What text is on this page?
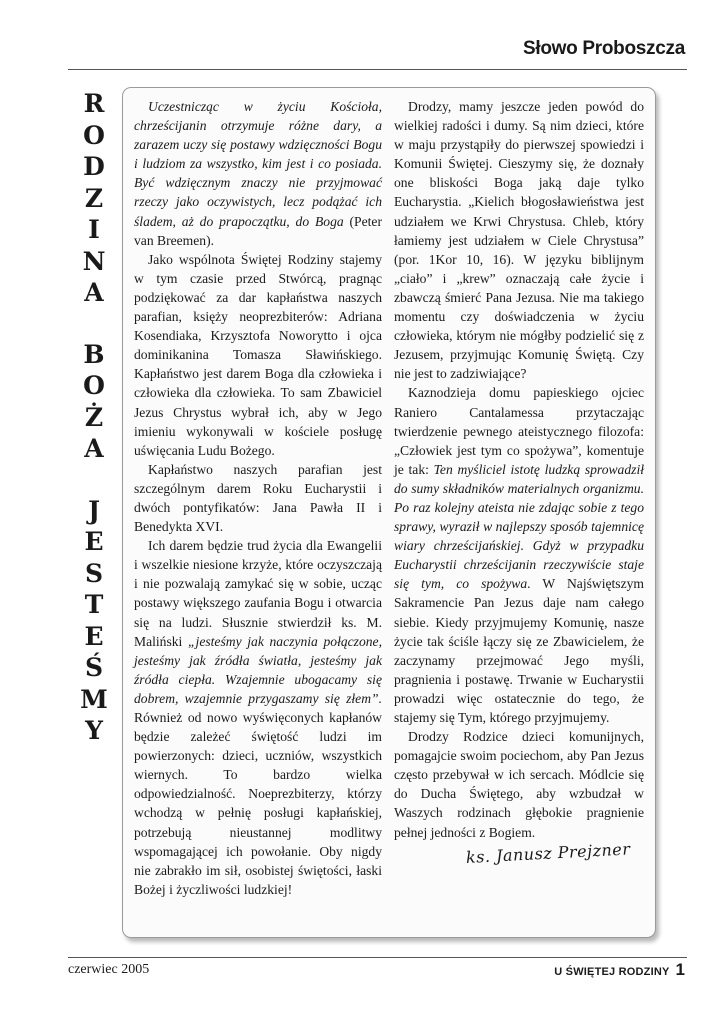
Słowo Proboszcza
R
O
D
Z
I
N
A
B
O
Ż
A
J
E
S
T
E
Ś
M
Y

Uczestnicząc w życiu Kościoła, chrześcijanin otrzymuje różne dary, a zarazem uczy się postawy wdzięczności Bogu i ludziom za wszystko, kim jest i co posiada. Być wdzięcznym znaczy nie przyjmować rzeczy jako oczywistych, lecz podążać ich śladem, aż do prapoczątku, do Boga (Peter van Breemen).

Jako wspólnota Świętej Rodziny stajemy w tym czasie przed Stwórcą, pragnąc podziękować za dar kapłaństwa naszych parafian, księży neoprezbiterów: Adriana Kosendiaka, Krzysztofa Noworytto i ojca dominikanina Tomasza Sławińskiego. Kapłaństwo jest darem Boga dla człowieka i człowieka dla człowieka. To sam Zbawiciel Jezus Chrystus wybrał ich, aby w Jego imieniu wykonywali w kościele posługę uświęcania Ludu Bożego.

Kapłaństwo naszych parafian jest szczególnym darem Roku Eucharystii i dwóch pontyfikatów: Jana Pawła II i Benedykta XVI.

Ich darem będzie trud życia dla Ewangelii i wszelkie niesione krzyże, które oczyszczają i nie pozwalają zamykać się w sobie, ucząc postawy większego zaufania Bogu i otwarcia się na ludzi. Słusznie stwierdził ks. M. Maliński „jesteśmy jak naczynia połączone, jesteśmy jak źródła światła, jesteśmy jak źródła ciepła. Wzajemnie ubogacamy się dobrem, wzajemnie przygaszamy się złem”. Również od nowo wyświęconych kapłanów będzie zależeć świętość ludzi im powierzonych: dzieci, uczniów, wszystkich wiernych. To bardzo wielka odpowiedzialność. Noeprezbiterzy, którzy wchodzą w pełnię posługi kapłańskiej, potrzebują nieustannej modlitwy wspomagającej ich powołanie. Oby nigdy nie zabrakło im sił, osobistej świętości, łaski Bożej i życzliwości ludzkiej!

Drodzy, mamy jeszcze jeden powód do wielkiej radości i dumy. Są nim dzieci, które w maju przystąpiły do pierwszej spowiedzi i Komunii Świętej. Cieszymy się, że doznały one bliskości Boga jaką daje tylko Eucharystia. „Kielich błogosławieństwa jest udziałem we Krwi Chrystusa. Chleb, który łamiemy jest udziałem w Ciele Chrystusa” (por. 1Kor 10, 16). W języku biblijnym „ciało” i „krew” oznaczają całe życie i zbawczą śmierć Pana Jezusa. Nie ma takiego momentu czy doświadczenia w życiu człowieka, którym nie mógłby podzielić się z Jezusem, przyjmując Komunię Świętą. Czy nie jest to zadziwiające?

Kaznodzieja domu papieskiego ojciec Raniero Cantalamessa przytaczając twierdzenie pewnego ateistycznego filozofa: „Człowiek jest tym co spożywa”, komentuje je tak: Ten myśliciel istotę ludzką sprowadził do sumy składników materialnych organizmu. Po raz kolejny ateista nie zdając sobie z tego sprawy, wyraził w najlepszy sposób tajemnicę wiary chrześcijańskiej. Gdyż w przypadku Eucharystii chrześcijanin rzeczywiście staje się tym, co spożywa. W Najświętszym Sakramencie Pan Jezus daje nam całego siebie. Kiedy przyjmujemy Komunię, nasze życie tak ściśle łączy się ze Zbawicielem, że zaczynamy przejmować Jego myśli, pragnienia i postawę. Trwanie w Eucharystii prowadzi więc ostatecznie do tego, że stajemy się Tym, którego przyjmujemy.

Drodzy Rodzice dzieci komunijnych, pomagajcie swoim pociechom, aby Pan Jezus często przebywał w ich sercach. Módlcie się do Ducha Świętego, aby wzbudzał w Waszych rodzinach głębokie pragnienie pełnej jedności z Bogiem.

ks. Janusz Prejzner
czerwiec 2005	U ŚWIĘTEJ RODZINY 1
